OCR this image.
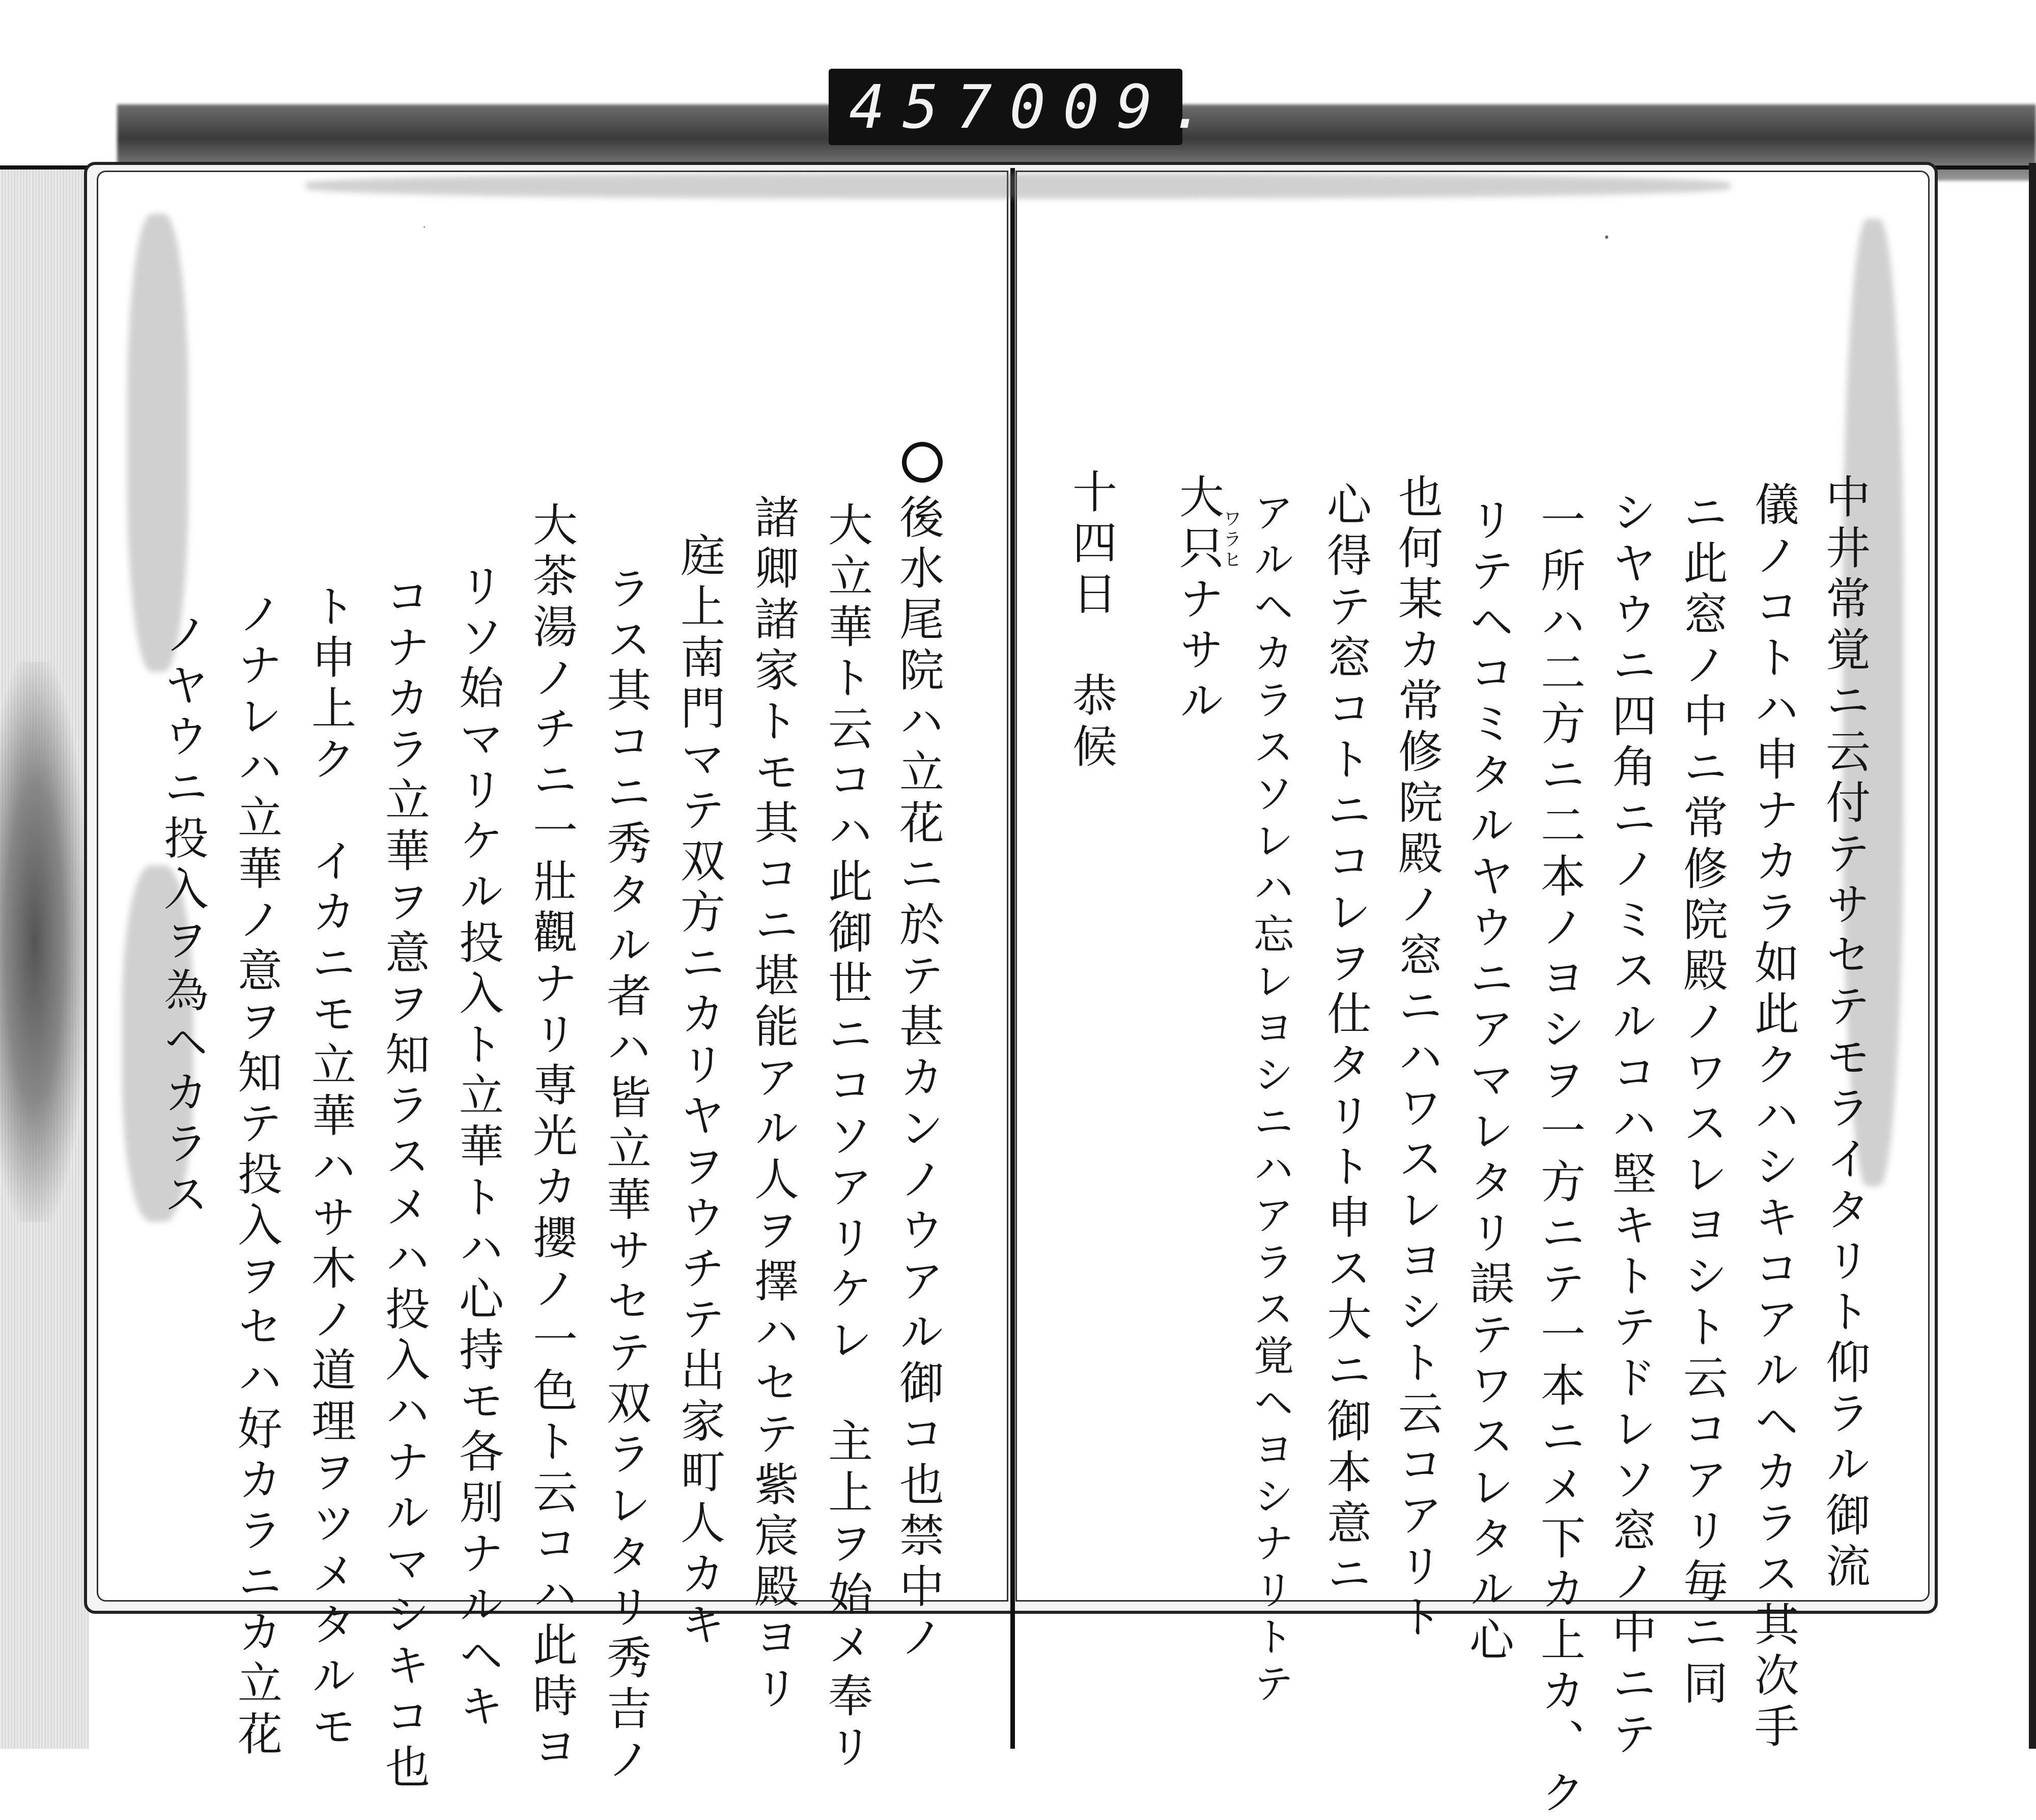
457 009.
•
·
中井常覚ニ云付テサセテモライタリト仰ラル御流
儀ノコトハ申ナカラ如此クハシキコアルヘカラス其次手
ニ此窓ノ中ニ常修院殿ノワスレヨシト云コアリ毎ニ同
シヤウニ四角ニノミスルコハ堅キトテドレソ窓ノ中ニテ
一所ハ二方ニ二本ノヨシヲ一方ニテ一本ニメ下カ上カ、ク
リテヘコミタルヤウニアマレタリ誤テワスレタル心
也何某カ常修院殿ノ窓ニハワスレヨシト云コアリト
心得テ窓コトニコレヲ仕タリト申ス大ニ御本意ニ
アルヘカラスソレハ忘レヨシニハアラス覚ヘヨシナリトテ
大只ナサル
ワラヒ
十四日　恭候
後水尾院ハ立花ニ於テ甚カンノウアル御コ也禁中ノ
大立華ト云コハ此御世ニコソアリケレ　主上ヲ始メ奉リ
諸卿諸家トモ其コニ堪能アル人ヲ擇ハセテ紫宸殿ヨリ
庭上南門マテ双方ニカリヤヲウチテ出家町人カキ
ラス其コニ秀タル者ハ皆立華サセテ双ラレタリ秀吉ノ
大茶湯ノチニ一壯觀ナリ専光カ攖ノ一色ト云コハ此時ヨ
リソ始マリケル投入ト立華トハ心持モ各別ナルヘキ
コナカラ立華ヲ意ヲ知ラスメハ投入ハナルマシキコ也
ト申上ク　イカニモ立華ハサ木ノ道理ヲツメタルモ
ノナレハ立華ノ意ヲ知テ投入ヲセハ好カラニカ立花
ノヤウニ投入ヲ為ヘカラス
